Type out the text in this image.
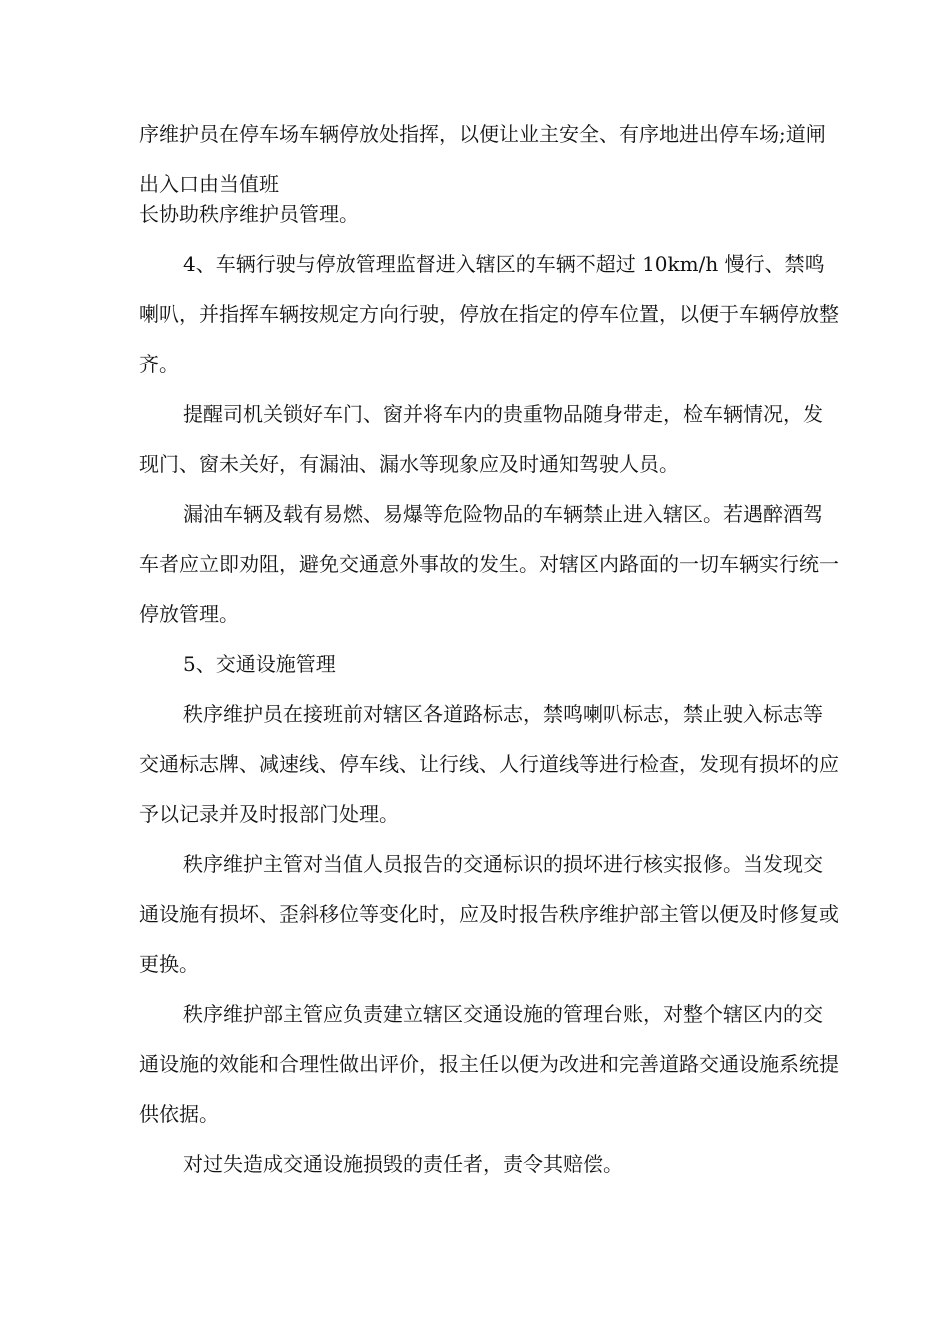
序维护员在停车场车辆停放处指挥，以便让业主安全、有序地进出停车场;道闸出入口由当值班

长协助秩序维护员管理。

4、车辆行驶与停放管理监督进入辖区的车辆不超过 10km/h 慢行、禁鸣喇叭，并指挥车辆按规定方向行驶，停放在指定的停车位置，以便于车辆停放整齐。

提醒司机关锁好车门、窗并将车内的贵重物品随身带走，检车辆情况，发现门、窗未关好，有漏油、漏水等现象应及时通知驾驶人员。

漏油车辆及载有易燃、易爆等危险物品的车辆禁止进入辖区。若遇醉酒驾车者应立即劝阻，避免交通意外事故的发生。对辖区内路面的一切车辆实行统一停放管理。

5、交通设施管理

秩序维护员在接班前对辖区各道路标志，禁鸣喇叭标志，禁止驶入标志等交通标志牌、减速线、停车线、让行线、人行道线等进行检查，发现有损坏的应予以记录并及时报部门处理。

秩序维护主管对当值人员报告的交通标识的损坏进行核实报修。当发现交通设施有损坏、歪斜移位等变化时，应及时报告秩序维护部主管以便及时修复或更换。

秩序维护部主管应负责建立辖区交通设施的管理台账，对整个辖区内的交通设施的效能和合理性做出评价，报主任以便为改进和完善道路交通设施系统提供依据。

对过失造成交通设施损毁的责任者，责令其赔偿。
